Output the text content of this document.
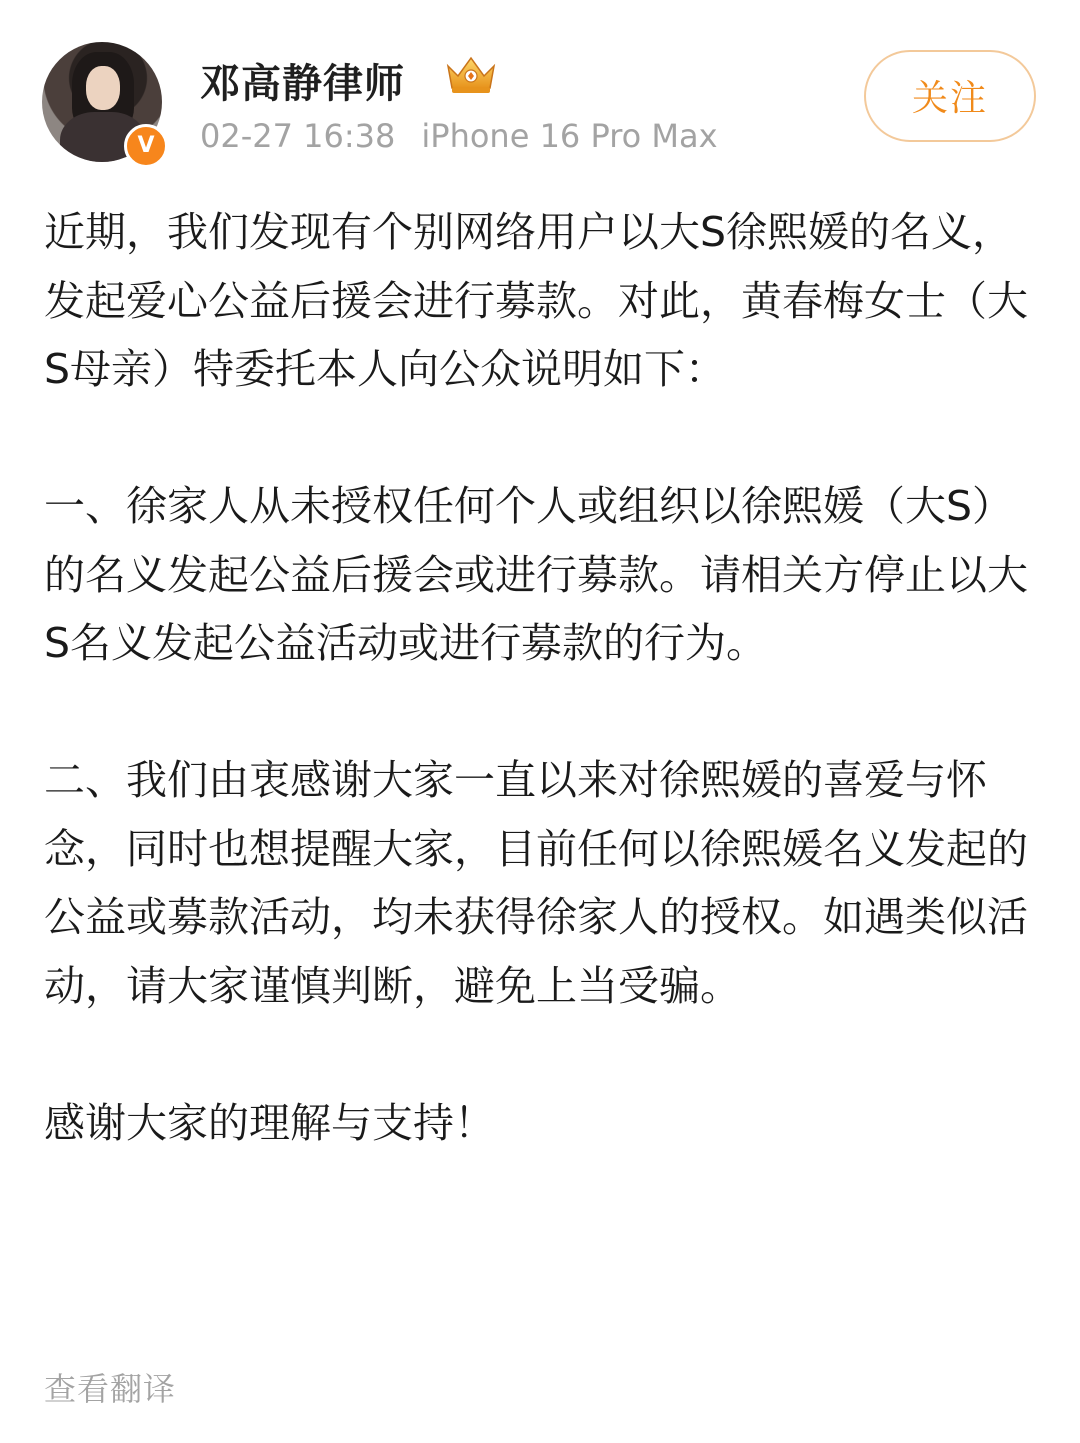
V
邓高静律师
02-27 16:38 iPhone 16 Pro Max
关注

近期，我们发现有个别网络用户以大S徐熙媛的名义，发起爱心公益后援会进行募款。对此，黄春梅女士（大S母亲）特委托本人向公众说明如下：

一、徐家人从未授权任何个人或组织以徐熙媛（大S）的名义发起公益后援会或进行募款。请相关方停止以大S名义发起公益活动或进行募款的行为。

二、我们由衷感谢大家一直以来对徐熙媛的喜爱与怀念，同时也想提醒大家，目前任何以徐熙媛名义发起的公益或募款活动，均未获得徐家人的授权。如遇类似活动，请大家谨慎判断，避免上当受骗。

感谢大家的理解与支持！

查看翻译
